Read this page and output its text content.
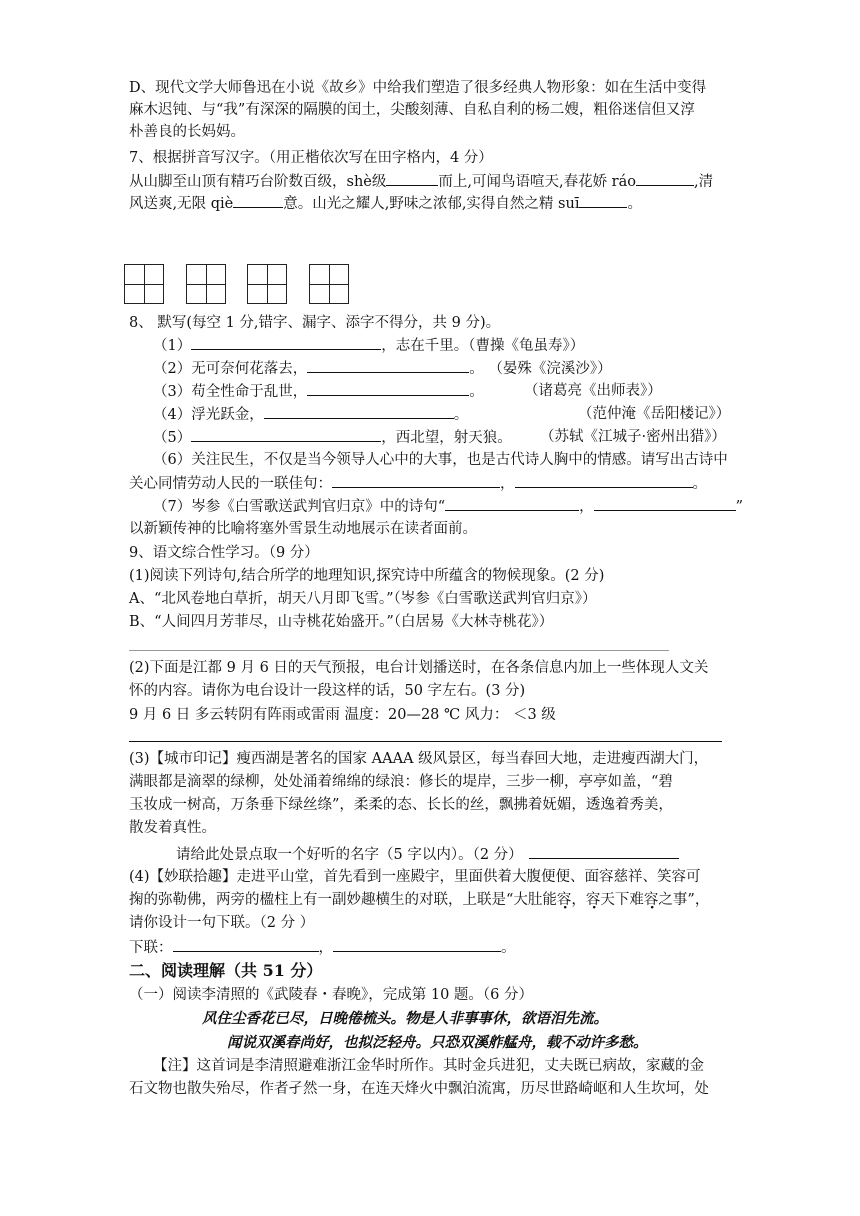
D、现代文学大师鲁迅在小说《故乡》中给我们塑造了很多经典人物形象：如在生活中变得
麻木迟钝、与“我”有深深的隔膜的闰土，尖酸刻薄、自私自利的杨二嫂，粗俗迷信但又淳
朴善良的长妈妈。
7、根据拼音写汉字。（用正楷依次写在田字格内，4 分）
从山脚至山顶有精巧台阶数百级，shè级	而上,可闻鸟语喧天,春花娇 ráo	,清
风送爽,无限 qiè	意。山光之耀人,野味之浓郁,实得自然之精 suī	。
8、 默写(每空 1 分,错字、漏字、添字不得分，共 9 分)。
（1）	，志在千里。（曹操《龟虽寿》）
（2）无可奈何花落去，	。 （晏殊《浣溪沙》）
（3）苟全性命于乱世，	。	（诸葛亮《出师表》）
（4）浮光跃金，	。	（范仲淹《岳阳楼记》）
（5）	，西北望，射天狼。	（苏轼《江城子·密州出猎》）
（6）关注民生，不仅是当今领导人心中的大事，也是古代诗人胸中的情感。请写出古诗中
关心同情劳动人民的一联佳句：	，	。
（7）岑参《白雪歌送武判官归京》中的诗句“	，	”
以新颖传神的比喻将塞外雪景生动地展示在读者面前。
9、语文综合性学习。（9 分）
(1)阅读下列诗句,结合所学的地理知识,探究诗中所蕴含的物候现象。(2 分)
A、“北风卷地白草折，胡天八月即飞雪。”（岑参《白雪歌送武判官归京》）
B、“人间四月芳菲尽，山寺桃花始盛开。”（白居易《大林寺桃花》）
(2)下面是江都 9 月 6 日的天气预报，电台计划播送时，在各条信息内加上一些体现人文关
怀的内容。请你为电台设计一段这样的话，50 字左右。(3 分)
9 月 6 日 多云转阴有阵雨或雷雨 温度：20—28 ℃ 风力： ＜3 级
(3)【城市印记】瘦西湖是著名的国家 AAAA 级风景区，每当春回大地，走进瘦西湖大门，
满眼都是滴翠的绿柳，处处涌着绵绵的绿浪：修长的堤岸，三步一柳，亭亭如盖，“碧
玉妆成一树高，万条垂下绿丝绦”，柔柔的态、长长的丝，飘拂着妩媚，透逸着秀美，
散发着真性。
请给此处景点取一个好听的名字（5 字以内）。（2 分）
(4)【妙联拾趣】走进平山堂，首先看到一座殿宇，里面供着大腹便便、面容慈祥、笑容可
掬的弥勒佛，两旁的楹柱上有一副妙趣横生的对联，上联是“大肚能容，容天下难容之事”，
请你设计一句下联。（2 分 ）
下联：	，	。
二、阅读理解（共 51 分）
（一）阅读李清照的《武陵春・春晚》，完成第 10 题。（6 分）
风住尘香花已尽，日晚倦梳头。物是人非事事休，欲语泪先流。
闻说双溪春尚好，也拟泛轻舟。只恐双溪舴艋舟，载不动许多愁。
【注】这首词是李清照避难浙江金华时所作。其时金兵进犯，丈夫既已病故，家藏的金
石文物也散失殆尽，作者孑然一身，在连天烽火中飘泊流寓，历尽世路崎岖和人生坎坷，处
